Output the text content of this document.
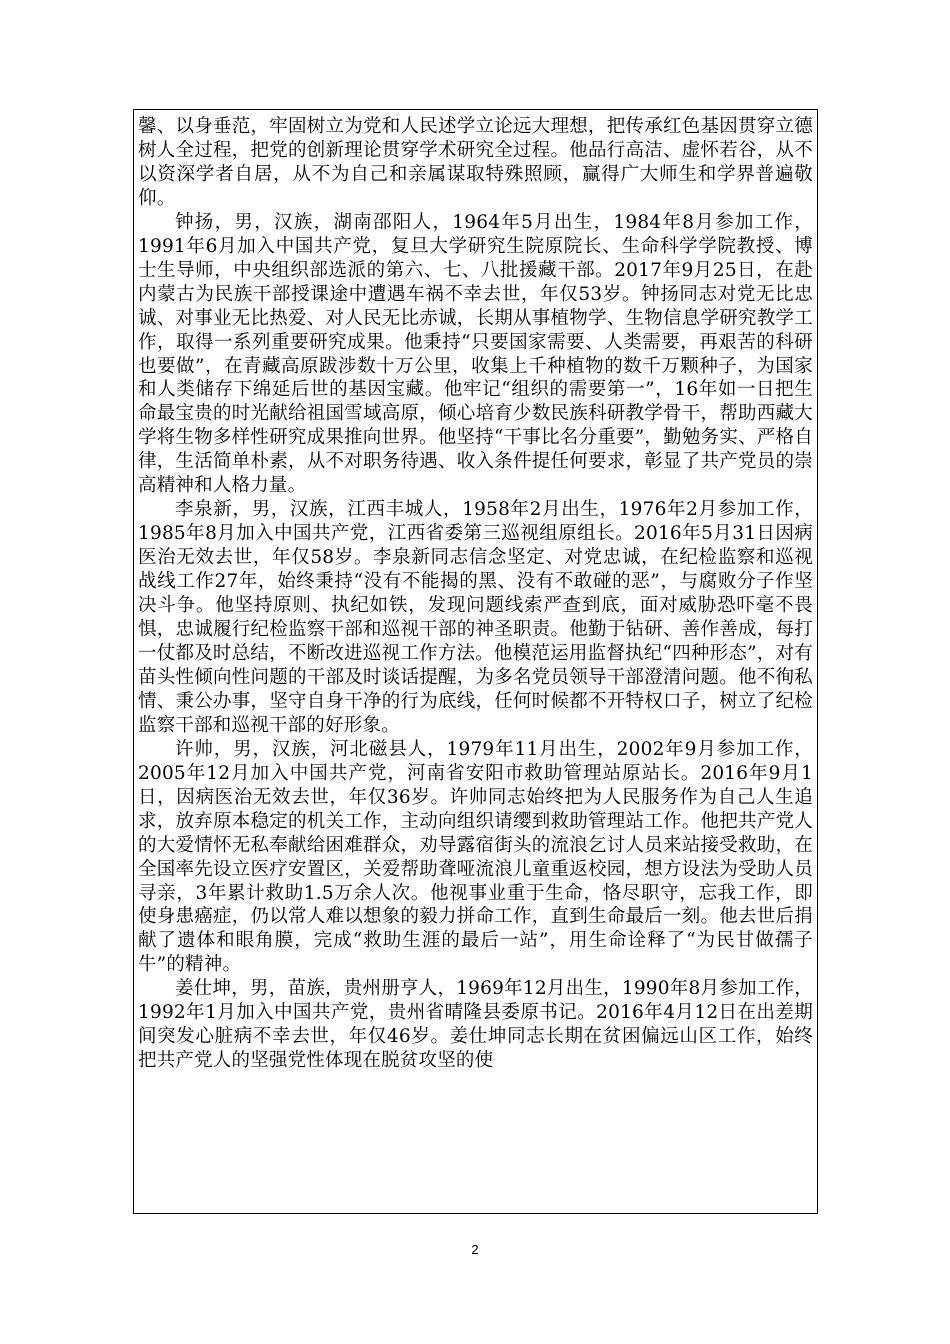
馨、以身垂范，牢固树立为党和人民述学立论远大理想，把传承红色基因贯穿立德树人全过程，把党的创新理论贯穿学术研究全过程。他品行高洁、虚怀若谷，从不以资深学者自居，从不为自己和亲属谋取特殊照顾，赢得广大师生和学界普遍敬仰。

钟扬，男，汉族，湖南邵阳人，1964年5月出生，1984年8月参加工作，1991年6月加入中国共产党，复旦大学研究生院原院长、生命科学学院教授、博士生导师，中央组织部选派的第六、七、八批援藏干部。2017年9月25日，在赴内蒙古为民族干部授课途中遭遇车祸不幸去世，年仅53岁。钟扬同志对党无比忠诚、对事业无比热爱、对人民无比赤诚，长期从事植物学、生物信息学研究教学工作，取得一系列重要研究成果。他秉持“只要国家需要、人类需要，再艰苦的科研也要做”，在青藏高原跋涉数十万公里，收集上千种植物的数千万颗种子，为国家和人类储存下绵延后世的基因宝藏。他牢记“组织的需要第一”，16年如一日把生命最宝贵的时光献给祖国雪域高原，倾心培育少数民族科研教学骨干，帮助西藏大学将生物多样性研究成果推向世界。他坚持“干事比名分重要”，勤勉务实、严格自律，生活简单朴素，从不对职务待遇、收入条件提任何要求，彰显了共产党员的崇高精神和人格力量。

李泉新，男，汉族，江西丰城人，1958年2月出生，1976年2月参加工作，1985年8月加入中国共产党，江西省委第三巡视组原组长。2016年5月31日因病医治无效去世，年仅58岁。李泉新同志信念坚定、对党忠诚，在纪检监察和巡视战线工作27年，始终秉持“没有不能揭的黑、没有不敢碰的恶”，与腐败分子作坚决斗争。他坚持原则、执纪如铁，发现问题线索严查到底，面对威胁恐吓毫不畏惧，忠诚履行纪检监察干部和巡视干部的神圣职责。他勤于钻研、善作善成，每打一仗都及时总结，不断改进巡视工作方法。他模范运用监督执纪“四种形态”，对有苗头性倾向性问题的干部及时谈话提醒，为多名党员领导干部澄清问题。他不徇私情、秉公办事，坚守自身干净的行为底线，任何时候都不开特权口子，树立了纪检监察干部和巡视干部的好形象。

许帅，男，汉族，河北磁县人，1979年11月出生，2002年9月参加工作，2005年12月加入中国共产党，河南省安阳市救助管理站原站长。2016年9月1日，因病医治无效去世，年仅36岁。许帅同志始终把为人民服务作为自己人生追求，放弃原本稳定的机关工作，主动向组织请缨到救助管理站工作。他把共产党人的大爱情怀无私奉献给困难群众，劝导露宿街头的流浪乞讨人员来站接受救助，在全国率先设立医疗安置区，关爱帮助聋哑流浪儿童重返校园，想方设法为受助人员寻亲，3年累计救助1.5万余人次。他视事业重于生命，恪尽职守，忘我工作，即使身患癌症，仍以常人难以想象的毅力拼命工作，直到生命最后一刻。他去世后捐献了遗体和眼角膜，完成“救助生涯的最后一站”，用生命诠释了“为民甘做孺子牛”的精神。

姜仕坤，男，苗族，贵州册亨人，1969年12月出生，1990年8月参加工作，1992年1月加入中国共产党，贵州省晴隆县委原书记。2016年4月12日在出差期间突发心脏病不幸去世，年仅46岁。姜仕坤同志长期在贫困偏远山区工作，始终把共产党人的坚强党性体现在脱贫攻坚的使

2
